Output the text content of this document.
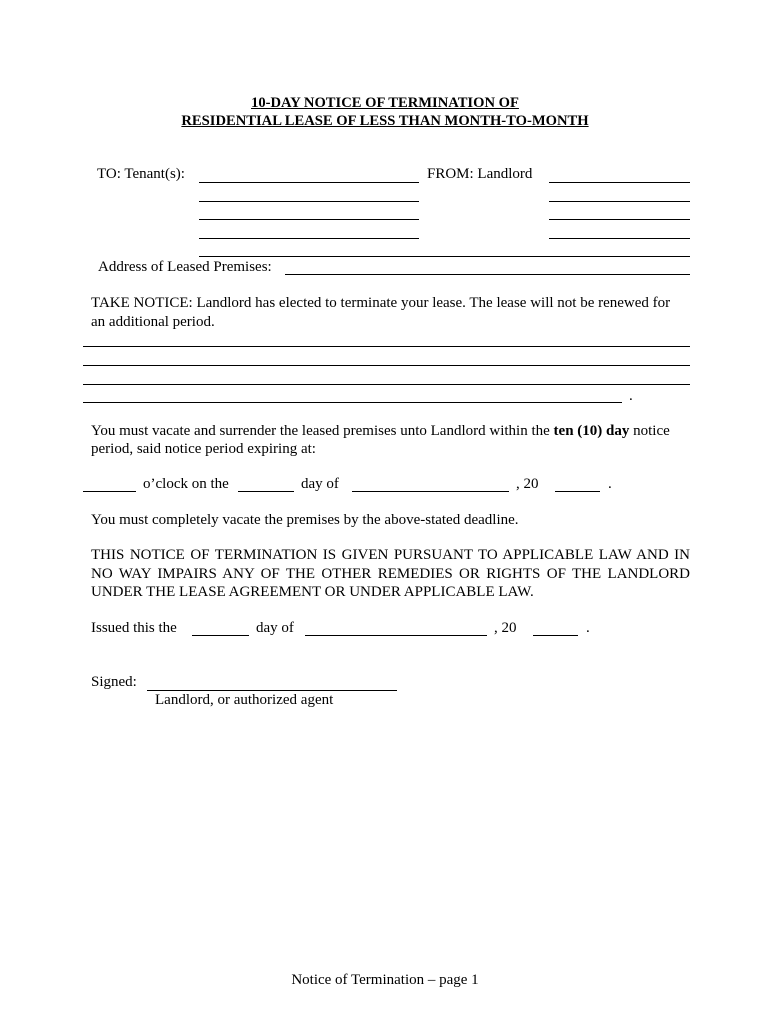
10-DAY NOTICE OF TERMINATION OF
RESIDENTIAL LEASE OF LESS THAN MONTH-TO-MONTH
TO: Tenant(s):	FROM: Landlord
Address of Leased Premises:
TAKE NOTICE: Landlord has elected to terminate your lease. The lease will not be renewed for
an additional period.
.
You must vacate and surrender the leased premises unto Landlord within the ten (10) day notice
period, said notice period expiring at:
o’clock on the	day of	, 20	.
You must completely vacate the premises by the above-stated deadline.
THIS NOTICE OF TERMINATION IS GIVEN PURSUANT TO APPLICABLE LAW AND IN
NO WAY IMPAIRS ANY OF THE OTHER REMEDIES OR RIGHTS OF THE LANDLORD
UNDER THE LEASE AGREEMENT OR UNDER APPLICABLE LAW.
Issued this the	day of	, 20	.
Signed:
Landlord, or authorized agent
Notice of Termination – page 1
